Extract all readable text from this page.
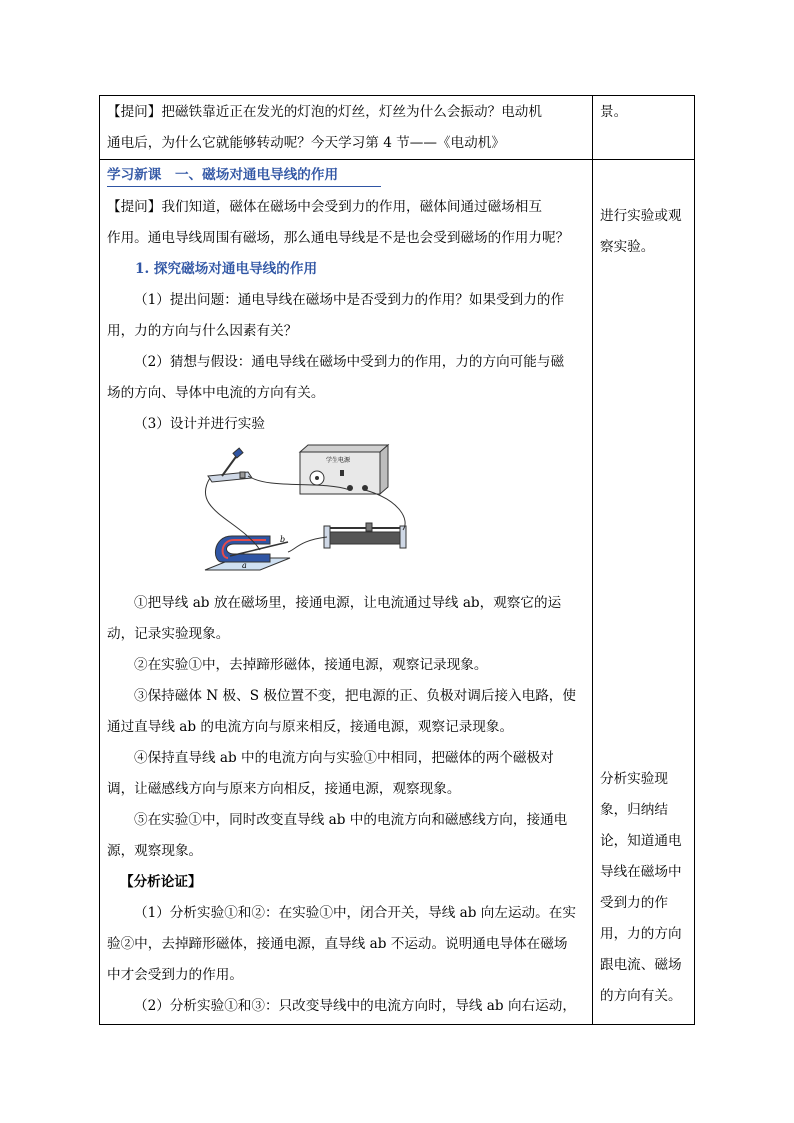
【提问】把磁铁靠近正在发光的灯泡的灯丝，灯丝为什么会振动？电动机

通电后，为什么它就能够转动呢？今天学习第 4 节——《电动机》

景。

学习新课　一、磁场对通电导线的作用

【提问】我们知道，磁体在磁场中会受到力的作用，磁体间通过磁场相互

作用。通电导线周围有磁场，那么通电导线是不是也会受到磁场的作用力呢？

1. 探究磁场对通电导线的作用

（1）提出问题：通电导线在磁场中是否受到力的作用？如果受到力的作

用，力的方向与什么因素有关？

（2）猜想与假设：通电导线在磁场中受到力的作用，力的方向可能与磁

场的方向、导体中电流的方向有关。

（3）设计并进行实验

学生电源
a
b

①把导线 ab 放在磁场里，接通电源，让电流通过导线 ab，观察它的运

动，记录实验现象。

②在实验①中，去掉蹄形磁体，接通电源，观察记录现象。

③保持磁体 N 极、S 极位置不变，把电源的正、负极对调后接入电路，使

通过直导线 ab 的电流方向与原来相反，接通电源，观察记录现象。

④保持直导线 ab 中的电流方向与实验①中相同，把磁体的两个磁极对

调，让磁感线方向与原来方向相反，接通电源，观察现象。

⑤在实验①中，同时改变直导线 ab 中的电流方向和磁感线方向，接通电

源，观察现象。

【分析论证】

（1）分析实验①和②：在实验①中，闭合开关，导线 ab 向左运动。在实

验②中，去掉蹄形磁体，接通电源，直导线 ab 不运动。说明通电导体在磁场

中才会受到力的作用。

（2）分析实验①和③：只改变导线中的电流方向时，导线 ab 向右运动，

进行实验或观

察实验。

分析实验现

象，归纳结

论，知道通电

导线在磁场中

受到力的作

用，力的方向

跟电流、磁场

的方向有关。
